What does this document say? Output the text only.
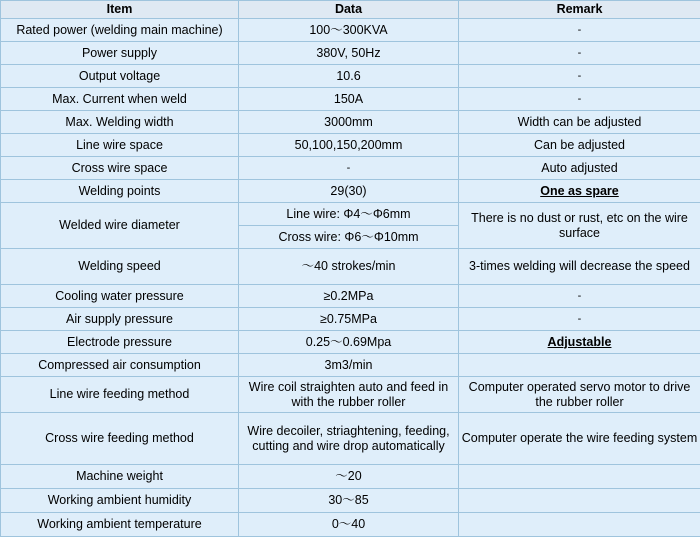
Item	Data	Remark
Rated power (welding main machine)	100～300KVA	-
Power supply	380V, 50Hz	-
Output voltage	10.6	-
Max. Current when weld	150A	-
Max. Welding width	3000mm	Width can be adjusted
Line wire space	50,100,150,200mm	Can be adjusted
Cross wire space	-	Auto adjusted
Welding points	29(30)	One as spare
Welded wire diameter	Line wire: Φ4～Φ6mm	There is no dust or rust, etc on the wire surface
	Cross wire: Φ6～Φ10mm	
Welding speed	～40 strokes/min	3-times welding will decrease the speed
Cooling water pressure	≥0.2MPa	-
Air supply pressure	≥0.75MPa	-
Electrode pressure	0.25～0.69Mpa	Adjustable
Compressed air consumption	3m3/min	
Line wire feeding method	Wire coil straighten auto and feed in with the rubber roller	Computer operated servo motor to drive the rubber roller
Cross wire feeding method	Wire decoiler, striaghtening, feeding, cutting and wire drop automatically	Computer operate the wire feeding system
Machine weight	～20	
Working ambient humidity	30～85	
Working ambient temperature	0～40	
